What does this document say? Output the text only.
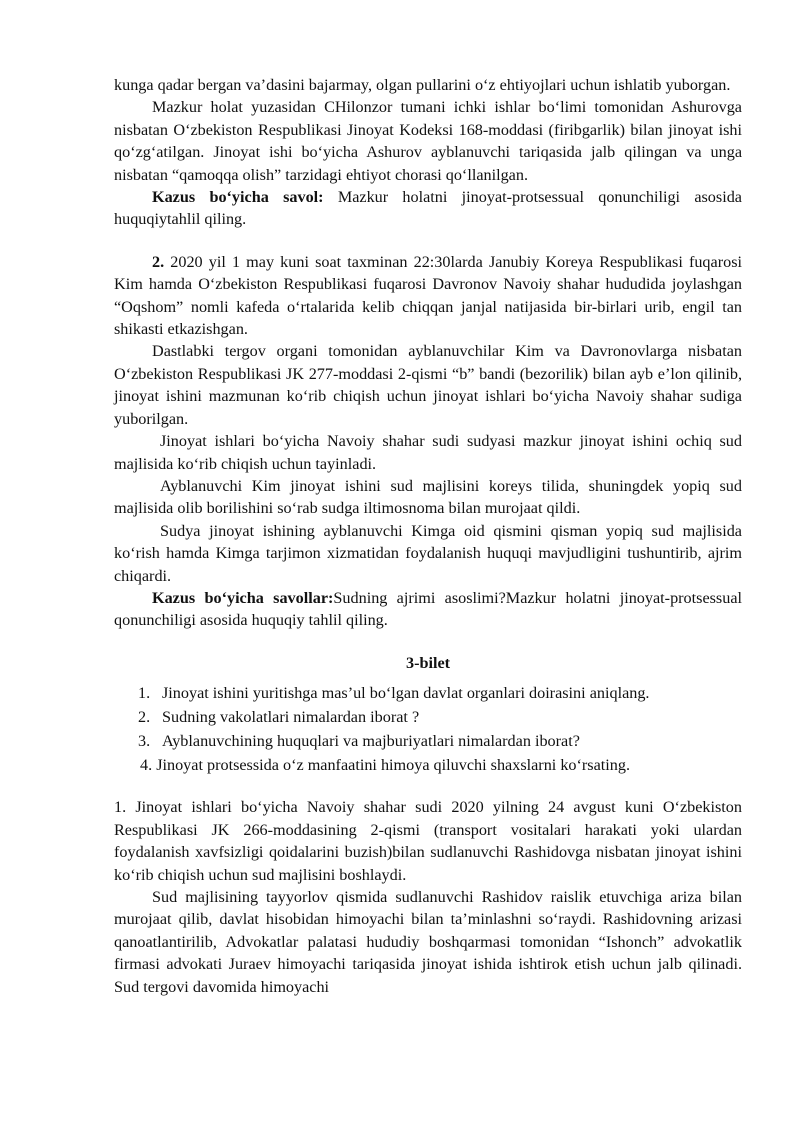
kunga qadar bergan va’dasini bajarmay, olgan pullarini o‘z ehtiyojlari uchun ishlatib yuborgan.

Mazkur holat yuzasidan CHilonzor tumani ichki ishlar bo‘limi tomonidan Ashurovga nisbatan O‘zbekiston Respublikasi Jinoyat Kodeksi 168-moddasi (firibgarlik) bilan jinoyat ishi qo‘zg‘atilgan. Jinoyat ishi bo‘yicha Ashurov ayblanuvchi tariqasida jalb qilingan va unga nisbatan “qamoqqa olish” tarzidagi ehtiyot chorasi qo‘llanilgan.

Kazus bo‘yicha savol: Mazkur holatni jinoyat-protsessual qonunchiligi asosida huquqiytahlil qiling.

2. 2020 yil 1 may kuni soat taxminan 22:30larda Janubiy Koreya Respublikasi fuqarosi Kim hamda O‘zbekiston Respublikasi fuqarosi Davronov Navoiy shahar hududida joylashgan “Oqshom” nomli kafeda o‘rtalarida kelib chiqqan janjal natijasida bir-birlari urib, engil tan shikasti etkazishgan.

Dastlabki tergov organi tomonidan ayblanuvchilar Kim va Davronovlarga nisbatan O‘zbekiston Respublikasi JK 277-moddasi 2-qismi “b” bandi (bezorilik) bilan ayb e’lon qilinib, jinoyat ishini mazmunan ko‘rib chiqish uchun jinoyat ishlari bo‘yicha Navoiy shahar sudiga yuborilgan.

Jinoyat ishlari bo‘yicha Navoiy shahar sudi sudyasi mazkur jinoyat ishini ochiq sud majlisida ko‘rib chiqish uchun tayinladi.

Ayblanuvchi Kim jinoyat ishini sud majlisini koreys tilida, shuningdek yopiq sud majlisida olib borilishini so‘rab sudga iltimosnoma bilan murojaat qildi.

Sudya jinoyat ishining ayblanuvchi Kimga oid qismini qisman yopiq sud majlisida ko‘rish hamda Kimga tarjimon xizmatidan foydalanish huquqi mavjudligini tushuntirib, ajrim chiqardi.

Kazus bo‘yicha savollar:Sudning ajrimi asoslimi?Mazkur holatni jinoyat-protsessual qonunchiligi asosida huquqiy tahlil qiling.

3-bilet

1. Jinoyat ishini yuritishga mas’ul bo‘lgan davlat organlari doirasini aniqlang.
2. Sudning vakolatlari nimalardan iborat ?
3. Ayblanuvchining huquqlari va majburiyatlari nimalardan iborat?

4. Jinoyat protsessida o‘z manfaatini himoya qiluvchi shaxslarni ko‘rsating.

1. Jinoyat ishlari bo‘yicha Navoiy shahar sudi 2020 yilning 24 avgust kuni O‘zbekiston Respublikasi JK 266-moddasining 2-qismi (transport vositalari harakati yoki ulardan foydalanish xavfsizligi qoidalarini buzish)bilan sudlanuvchi Rashidovga nisbatan jinoyat ishini ko‘rib chiqish uchun sud majlisini boshlaydi.

Sud majlisining tayyorlov qismida sudlanuvchi Rashidov raislik etuvchiga ariza bilan murojaat qilib, davlat hisobidan himoyachi bilan ta’minlashni so‘raydi. Rashidovning arizasi qanoatlantirilib, Advokatlar palatasi hududiy boshqarmasi tomonidan “Ishonch” advokatlik firmasi advokati Juraev himoyachi tariqasida jinoyat ishida ishtirok etish uchun jalb qilinadi. Sud tergovi davomida himoyachi
